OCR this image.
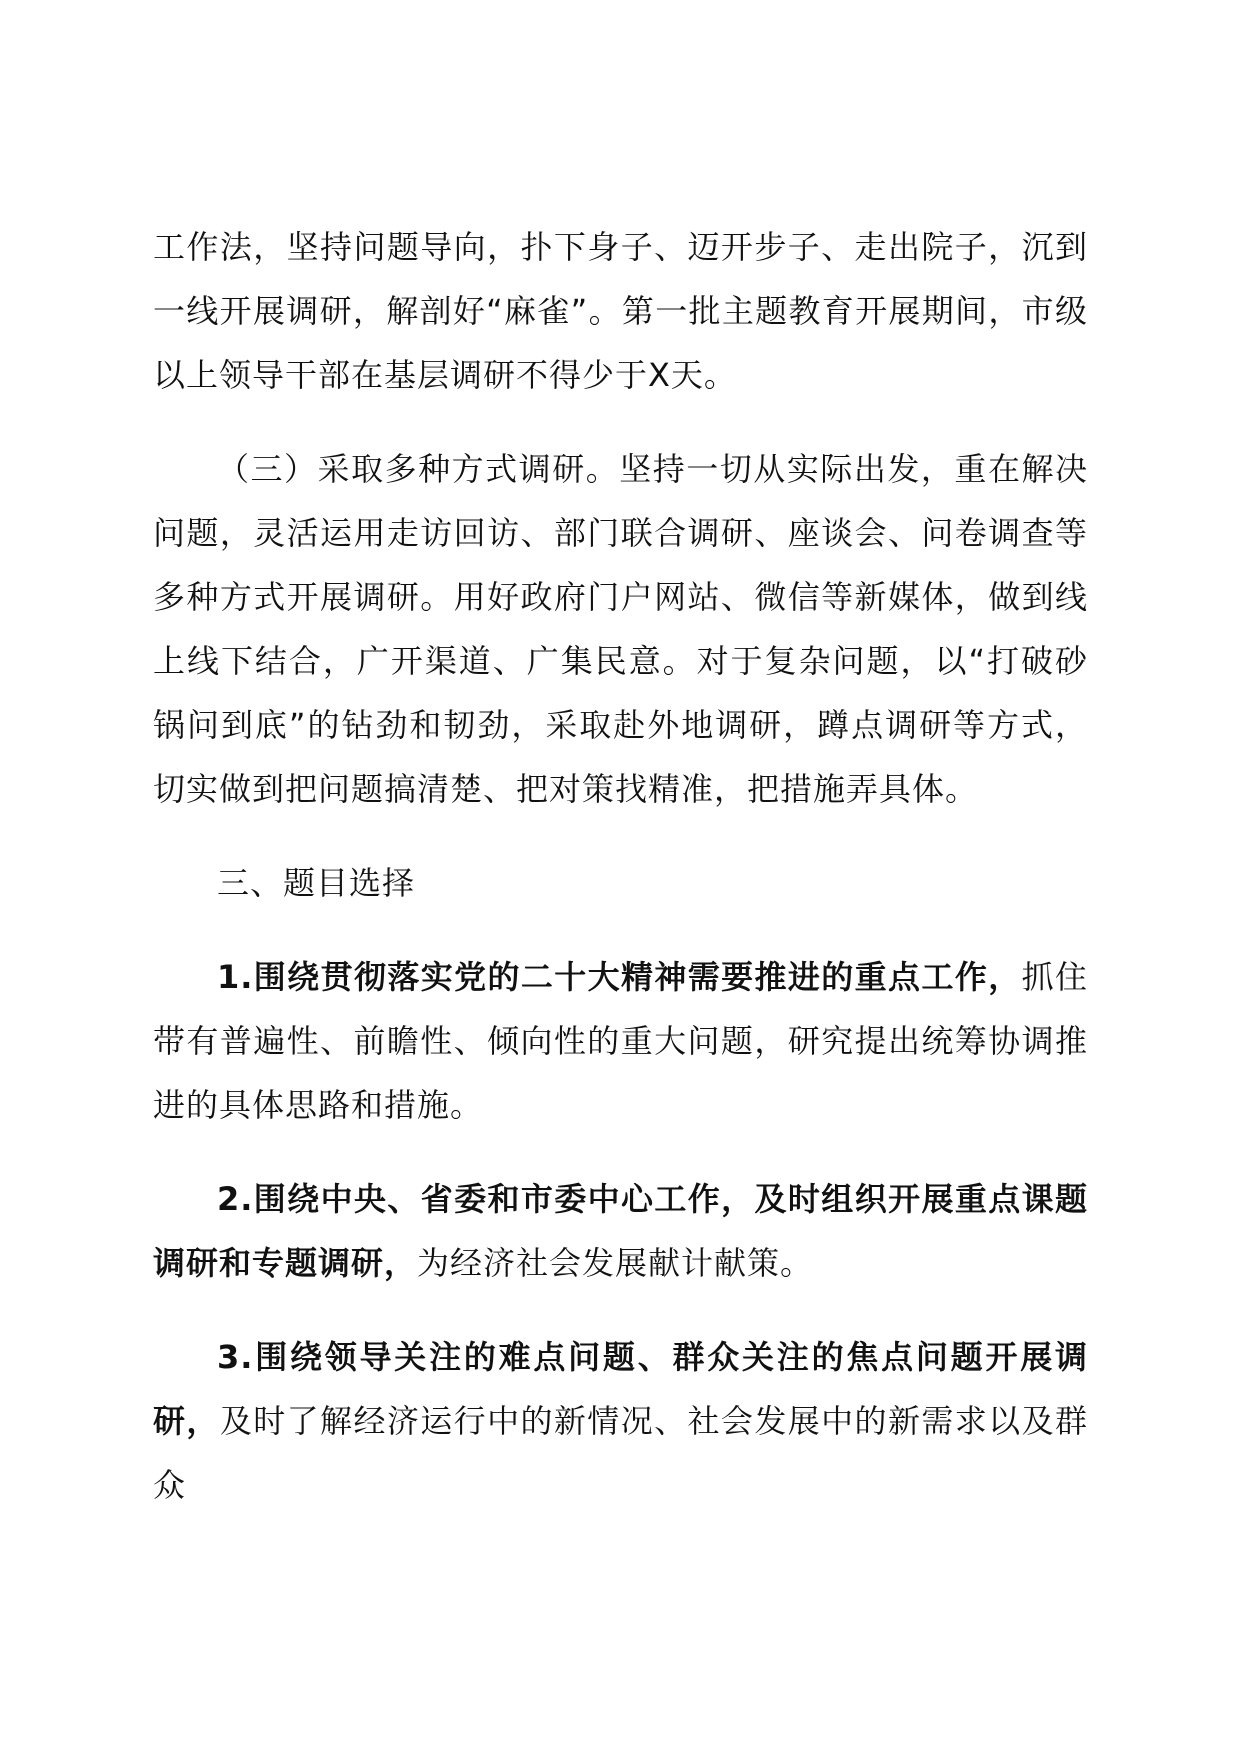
工作法，坚持问题导向，扑下身子、迈开步子、走出院子，沉到一线开展调研，解剖好“麻雀”。第一批主题教育开展期间，市级以上领导干部在基层调研不得少于X天。

（三）采取多种方式调研。坚持一切从实际出发，重在解决问题，灵活运用走访回访、部门联合调研、座谈会、问卷调查等多种方式开展调研。用好政府门户网站、微信等新媒体，做到线上线下结合，广开渠道、广集民意。对于复杂问题，以“打破砂锅问到底”的钻劲和韧劲，采取赴外地调研，蹲点调研等方式，切实做到把问题搞清楚、把对策找精准，把措施弄具体。

三、题目选择

1.围绕贯彻落实党的二十大精神需要推进的重点工作，抓住带有普遍性、前瞻性、倾向性的重大问题，研究提出统筹协调推进的具体思路和措施。

2.围绕中央、省委和市委中心工作，及时组织开展重点课题调研和专题调研，为经济社会发展献计献策。

3.围绕领导关注的难点问题、群众关注的焦点问题开展调研，及时了解经济运行中的新情况、社会发展中的新需求以及群众
